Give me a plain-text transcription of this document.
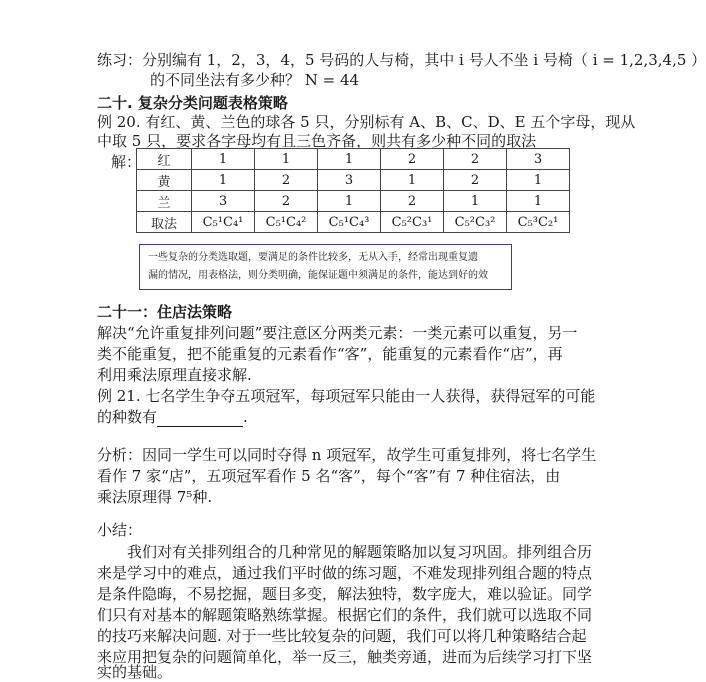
练习：分别编有 1，2，3，4，5 号码的人与椅，其中 i 号人不坐 i 号椅（ i = 1,2,3,4,5 ）
的不同坐法有多少种？ N = 44
二十. 复杂分类问题表格策略
例 20. 有红、黄、兰色的球各 5 只，分别标有 A、B、C、D、E 五个字母，现从
中取 5 只，要求各字母均有且三色齐备，则共有多少种不同的取法
解： 红	1	1	1	2	2	3
黄	1	2	3	1	2	1
兰	3	2	1	2	1	1
取法	C₅¹C₄¹	C₅¹C₄²	C₅¹C₄³	C₅²C₃¹	C₅²C₃²	C₅³C₂¹
一些复杂的分类选取题，要满足的条件比较多，无从入手，经常出现重复遗
漏的情况，用表格法，则分类明确，能保证题中须满足的条件，能达到好的效
二十一：住店法策略
解决“允许重复排列问题”要注意区分两类元素：一类元素可以重复，另一
类不能重复，把不能重复的元素看作“客”，能重复的元素看作“店”，再
利用乘法原理直接求解.
例 21. 七名学生争夺五项冠军，每项冠军只能由一人获得，获得冠军的可能
的种数有	.
分析：因同一学生可以同时夺得 n 项冠军，故学生可重复排列，将七名学生
看作 7 家“店”，五项冠军看作 5 名“客”，每个“客”有 7 种住宿法，由
乘法原理得 7⁵种.
小结：
我们对有关排列组合的几种常见的解题策略加以复习巩固。排列组合历
来是学习中的难点，通过我们平时做的练习题，不难发现排列组合题的特点
是条件隐晦，不易挖掘，题目多变，解法独特，数字庞大，难以验证。同学
们只有对基本的解题策略熟练掌握。根据它们的条件，我们就可以选取不同
的技巧来解决问题. 对于一些比较复杂的问题，我们可以将几种策略结合起
来应用把复杂的问题简单化，举一反三，触类旁通，进而为后续学习打下坚
实的基础。
